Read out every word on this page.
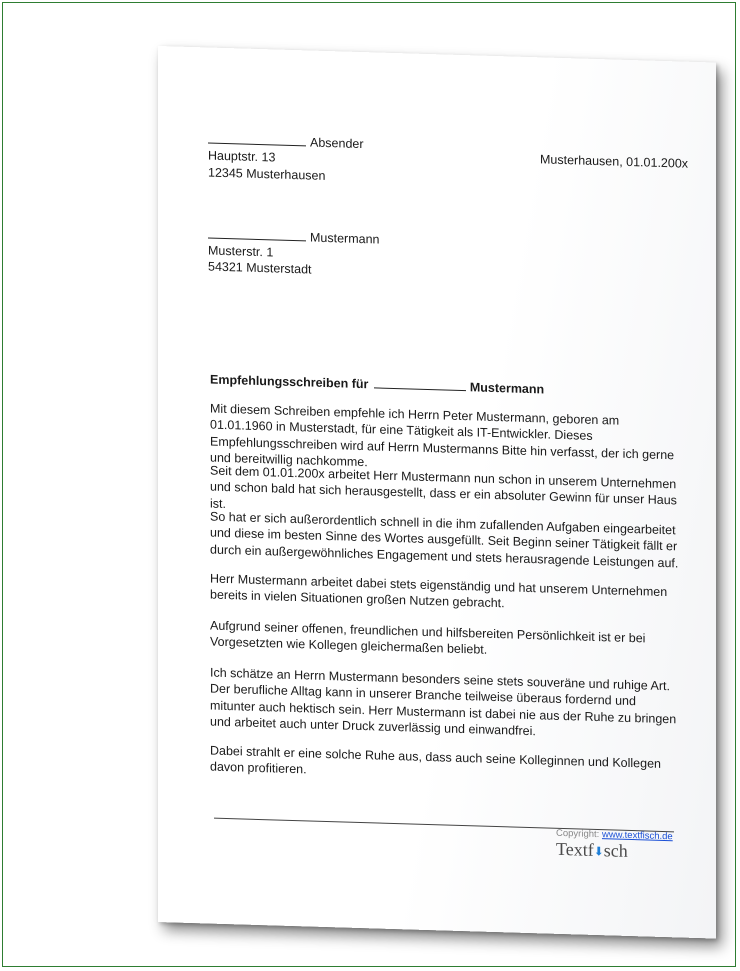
Absender
Hauptstr. 13
12345 Musterhausen
Musterhausen, 01.01.200x
Mustermann
Musterstr. 1
54321 Musterstadt
Empfehlungsschreiben für	Mustermann

Mit diesem Schreiben empfehle ich Herrn Peter Mustermann, geboren am 01.01.1960 in Musterstadt, für eine Tätigkeit als IT-Entwickler. Dieses Empfehlungsschreiben wird auf Herrn Mustermanns Bitte hin verfasst, der ich gerne und bereitwillig nachkomme.

Seit dem 01.01.200x arbeitet Herr Mustermann nun schon in unserem Unternehmen und schon bald hat sich herausgestellt, dass er ein absoluter Gewinn für unser Haus ist.

So hat er sich außerordentlich schnell in die ihm zufallenden Aufgaben eingearbeitet und diese im besten Sinne des Wortes ausgefüllt. Seit Beginn seiner Tätigkeit fällt er durch ein außergewöhnliches Engagement und stets herausragende Leistungen auf.

Herr Mustermann arbeitet dabei stets eigenständig und hat unserem Unternehmen bereits in vielen Situationen großen Nutzen gebracht.

Aufgrund seiner offenen, freundlichen und hilfsbereiten Persönlichkeit ist er bei Vorgesetzten wie Kollegen gleichermaßen beliebt.

Ich schätze an Herrn Mustermann besonders seine stets souveräne und ruhige Art. Der berufliche Alltag kann in unserer Branche teilweise überaus fordernd und mitunter auch hektisch sein. Herr Mustermann ist dabei nie aus der Ruhe zu bringen und arbeitet auch unter Druck zuverlässig und einwandfrei.

Dabei strahlt er eine solche Ruhe aus, dass auch seine Kolleginnen und Kollegen davon profitieren.

Copyright: www.textfisch.de
Textf⬇sch
